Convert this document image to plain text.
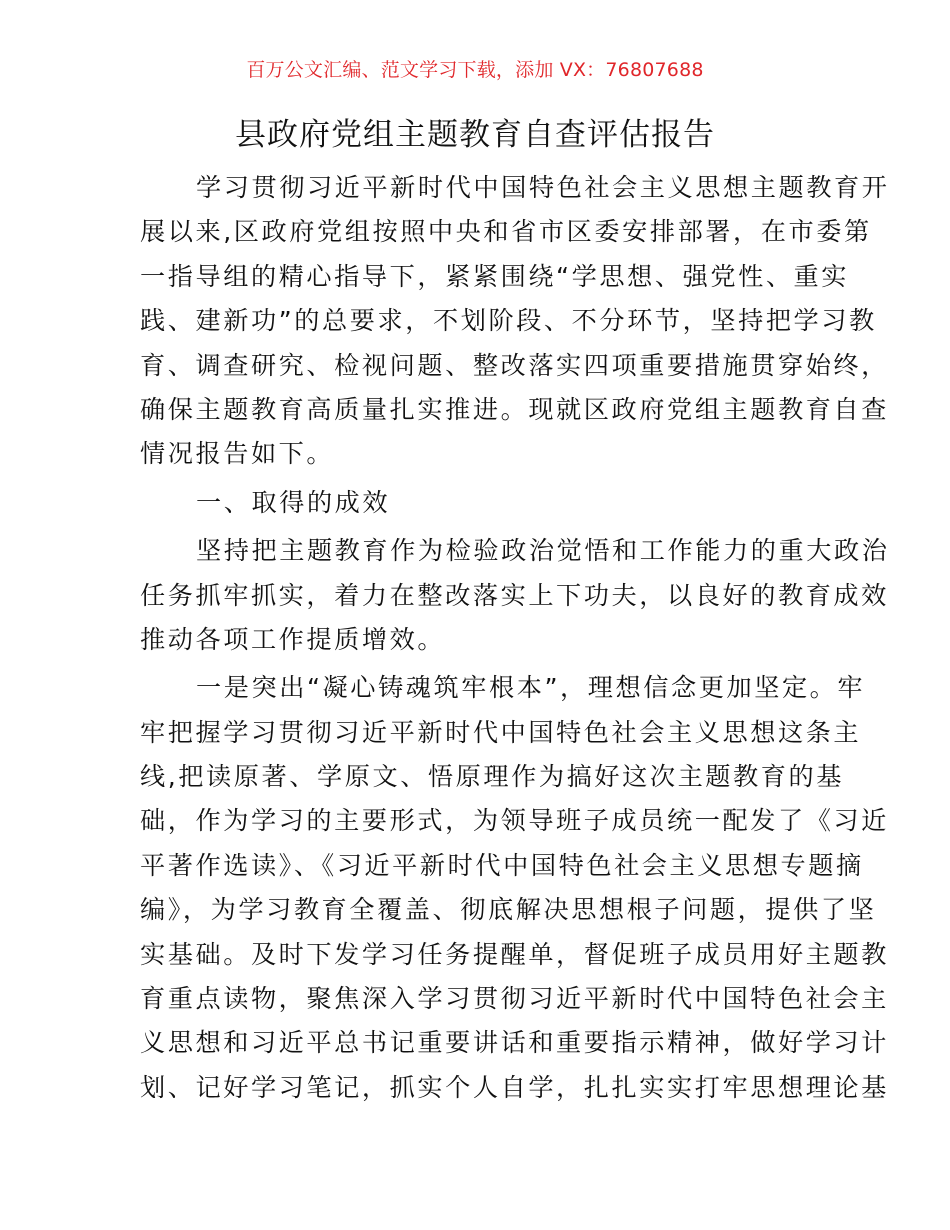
百万公文汇编、范文学习下载，添加 VX：76807688
县政府党组主题教育自查评估报告
学习贯彻习近平新时代中国特色社会主义思想主题教育开
展以来,区政府党组按照中央和省市区委安排部署，在市委第
一指导组的精心指导下，紧紧围绕“学思想、强党性、重实
践、建新功”的总要求，不划阶段、不分环节，坚持把学习教
育、调查研究、检视问题、整改落实四项重要措施贯穿始终，
确保主题教育高质量扎实推进。现就区政府党组主题教育自查
情况报告如下。
一、取得的成效
坚持把主题教育作为检验政治觉悟和工作能力的重大政治
任务抓牢抓实，着力在整改落实上下功夫，以良好的教育成效
推动各项工作提质增效。
一是突出“凝心铸魂筑牢根本”，理想信念更加坚定。牢
牢把握学习贯彻习近平新时代中国特色社会主义思想这条主
线,把读原著、学原文、悟原理作为搞好这次主题教育的基
础，作为学习的主要形式，为领导班子成员统一配发了《习近
平著作选读》、《习近平新时代中国特色社会主义思想专题摘
编》，为学习教育全覆盖、彻底解决思想根子问题，提供了坚
实基础。及时下发学习任务提醒单，督促班子成员用好主题教
育重点读物，聚焦深入学习贯彻习近平新时代中国特色社会主
义思想和习近平总书记重要讲话和重要指示精神，做好学习计
划、记好学习笔记，抓实个人自学，扎扎实实打牢思想理论基
